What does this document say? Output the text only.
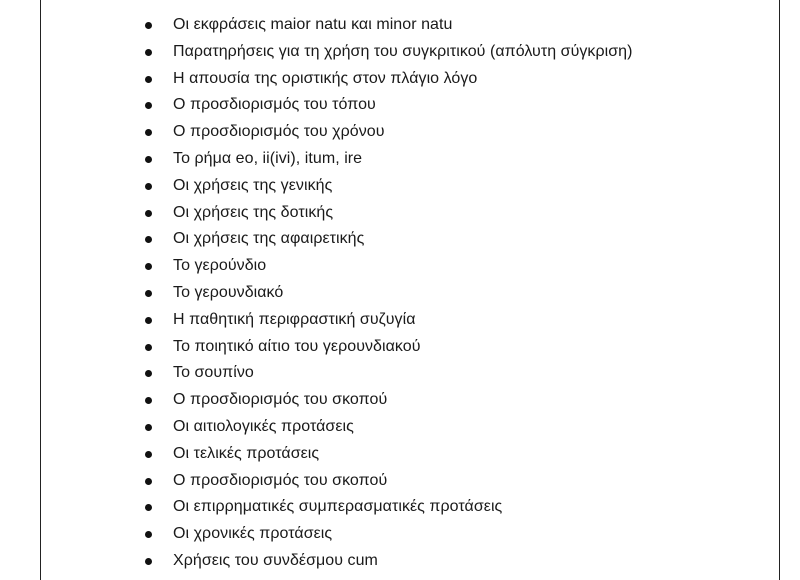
Οι εκφράσεις maior natu και minor natu
Παρατηρήσεις για τη χρήση του συγκριτικού (απόλυτη σύγκριση)
Η απουσία της οριστικής στον πλάγιο λόγο
Ο προσδιορισμός του τόπου
Ο προσδιορισμός του χρόνου
Το ρήμα eo, ii(ivi), itum, ire
Οι χρήσεις της γενικής
Οι χρήσεις της δοτικής
Οι χρήσεις της αφαιρετικής
Το γερούνδιο
Το γερουνδιακό
Η παθητική περιφραστική συζυγία
Το ποιητικό αίτιο του γερουνδιακού
Το σουπίνο
Ο προσδιορισμός του σκοπού
Οι αιτιολογικές προτάσεις
Οι τελικές προτάσεις
Ο προσδιορισμός του σκοπού
Οι επιρρηματικές συμπερασματικές προτάσεις
Οι χρονικές προτάσεις
Χρήσεις του συνδέσμου cum
